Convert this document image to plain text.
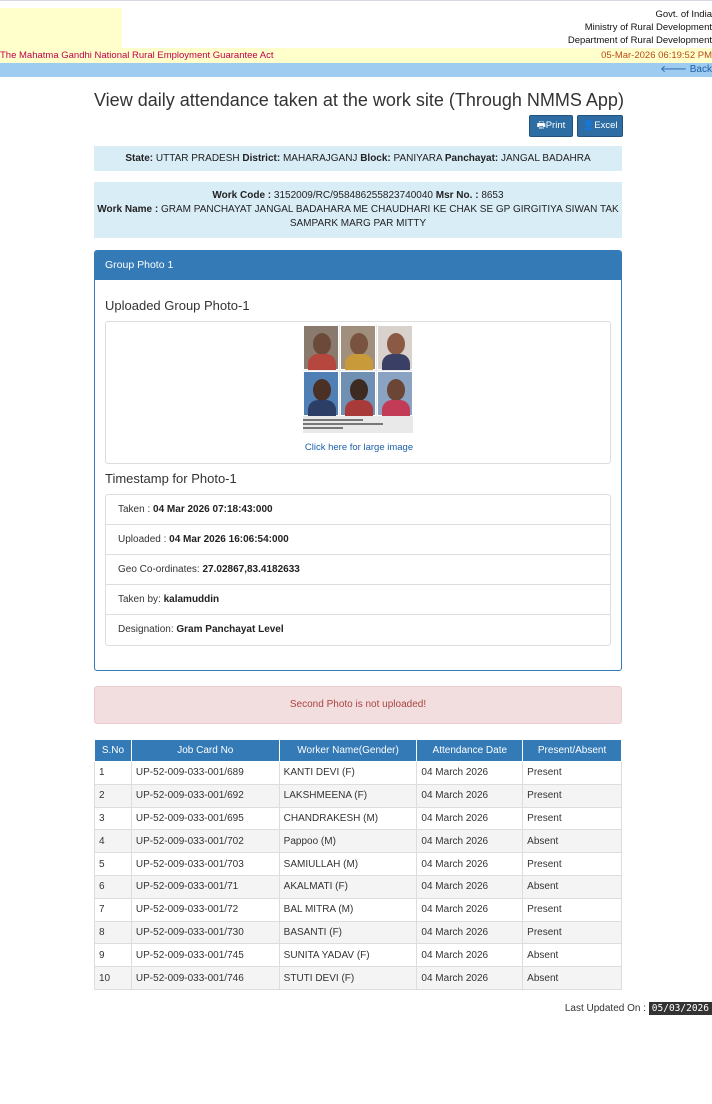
Govt. of India
Ministry of Rural Development
Department of Rural Development
The Mahatma Gandhi National Rural Employment Guarantee Act	05-Mar-2026 06:19:52 PM
🡐 Back
View daily attendance taken at the work site (Through NMMS App)
🖶Print	👤Excel
State: UTTAR PRADESH District: MAHARAJGANJ Block: PANIYARA Panchayat: JANGAL BADAHRA
Work Code : 3152009/RC/958486255823740040 Msr No. : 8653
Work Name : GRAM PANCHAYAT JANGAL BADAHARA ME CHAUDHARI KE CHAK SE GP GIRGITIYA SIWAN TAK SAMPARK MARG PAR MITTY
Group Photo 1
Uploaded Group Photo-1
Click here for large image
Timestamp for Photo-1
Taken : 04 Mar 2026 07:18:43:000
Uploaded : 04 Mar 2026 16:06:54:000
Geo Co-ordinates: 27.02867,83.4182633
Taken by: kalamuddin
Designation: Gram Panchayat Level
Second Photo is not uploaded!
S.No	Job Card No	Worker Name(Gender)	Attendance Date	Present/Absent
1	UP-52-009-033-001/689	KANTI DEVI (F)	04 March 2026	Present
2	UP-52-009-033-001/692	LAKSHMEENA (F)	04 March 2026	Present
3	UP-52-009-033-001/695	CHANDRAKESH (M)	04 March 2026	Present
4	UP-52-009-033-001/702	Pappoo (M)	04 March 2026	Absent
5	UP-52-009-033-001/703	SAMIULLAH (M)	04 March 2026	Present
6	UP-52-009-033-001/71	AKALMATI (F)	04 March 2026	Absent
7	UP-52-009-033-001/72	BAL MITRA (M)	04 March 2026	Present
8	UP-52-009-033-001/730	BASANTI (F)	04 March 2026	Present
9	UP-52-009-033-001/745	SUNITA YADAV (F)	04 March 2026	Absent
10	UP-52-009-033-001/746	STUTI DEVI (F)	04 March 2026	Absent
Last Updated On : 05/03/2026
